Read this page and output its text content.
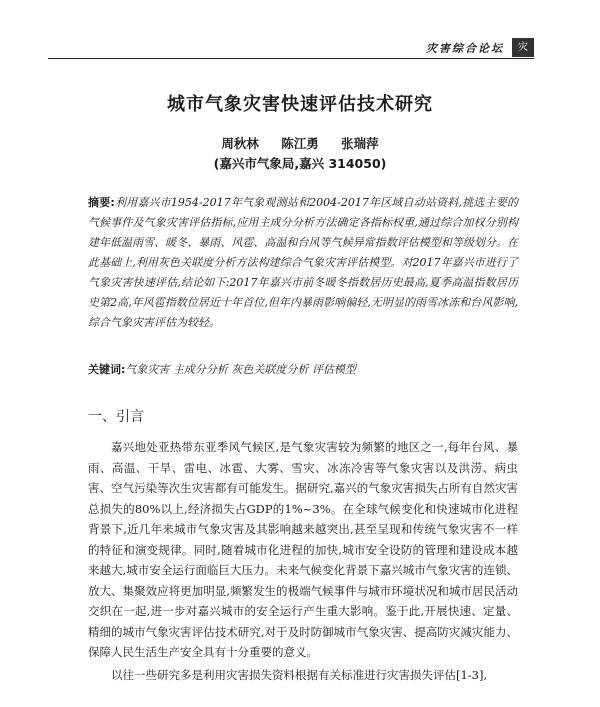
灾害综合论坛	灾
城市气象灾害快速评估技术研究
周秋林 陈江勇 张瑞萍
(嘉兴市气象局,嘉兴 314050)
摘要:利用嘉兴市1954-2017年气象观测站和2004-2017年区域自动站资料,挑选主要的气候事件及气象灾害评估指标,应用主成分分析方法确定各指标权重,通过综合加权分别构建年低温雨雪、暖冬、暴雨、风雹、高温和台风等气候异常指数评估模型和等级划分。在此基础上,利用灰色关联度分析方法构建综合气象灾害评估模型。对2017年嘉兴市进行了气象灾害快速评估,结论如下:2017年嘉兴市前冬暖冬指数居历史最高,夏季高温指数居历史第2高,年风雹指数位居近十年首位,但年内暴雨影响偏轻,无明显的雨雪冰冻和台风影响,综合气象灾害评估为较轻。
关键词:气象灾害 主成分分析 灰色关联度分析 评估模型
一、引言

嘉兴地处亚热带东亚季风气候区,是气象灾害较为频繁的地区之一,每年台风、暴雨、高温、干旱、雷电、冰雹、大雾、雪灾、冰冻冷害等气象灾害以及洪涝、病虫害、空气污染等次生灾害都有可能发生。据研究,嘉兴的气象灾害损失占所有自然灾害总损失的80%以上,经济损失占GDP的1%~3%。在全球气候变化和快速城市化进程背景下,近几年来城市气象灾害及其影响越来越突出,甚至呈现和传统气象灾害不一样的特征和演变规律。同时,随着城市化进程的加快,城市安全设防的管理和建设成本越来越大,城市安全运行面临巨大压力。未来气候变化背景下嘉兴城市气象灾害的连锁、放大、集聚效应将更加明显,频繁发生的极端气候事件与城市环境状况和城市居民活动交织在一起,进一步对嘉兴城市的安全运行产生重大影响。鉴于此,开展快速、定量、精细的城市气象灾害评估技术研究,对于及时防御城市气象灾害、提高防灾减灾能力、保障人民生活生产安全具有十分重要的意义。

以往一些研究多是利用灾害损失资料根据有关标准进行灾害损失评估[1-3],
